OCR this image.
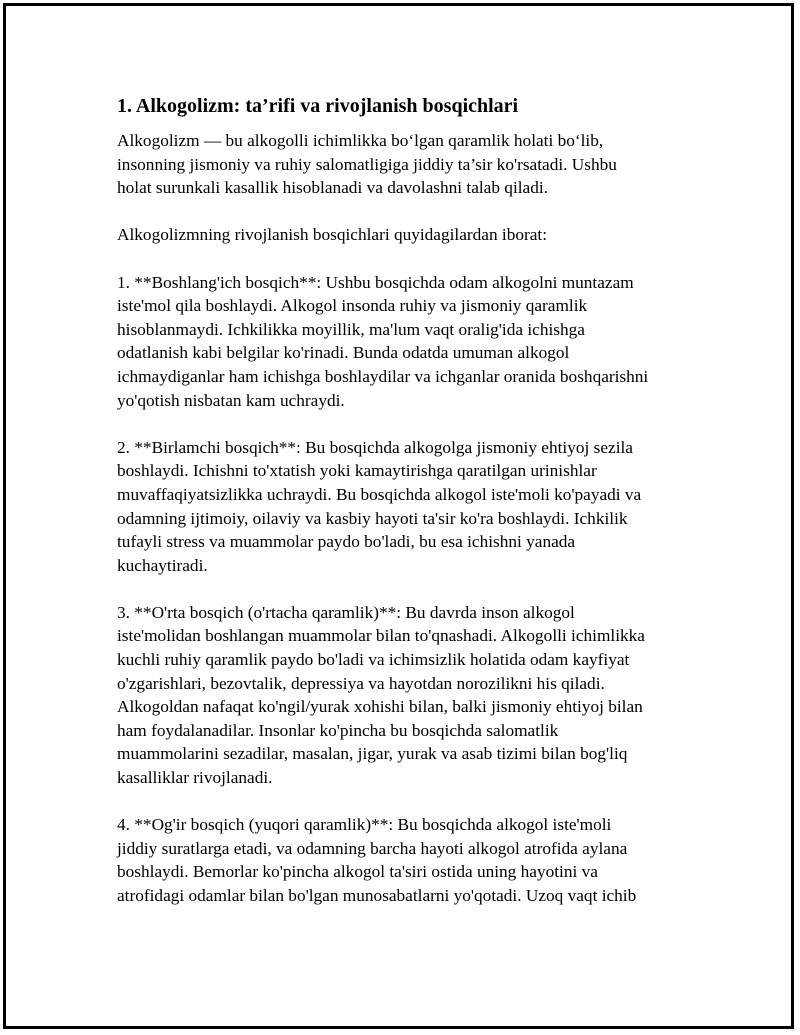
1. Alkogolizm: ta’rifi va rivojlanish bosqichlari

Alkogolizm — bu alkogolli ichimlikka bo‘lgan qaramlik holati bo‘lib,
insonning jismoniy va ruhiy salomatligiga jiddiy ta’sir ko'rsatadi. Ushbu
holat surunkali kasallik hisoblanadi va davolashni talab qiladi.

Alkogolizmning rivojlanish bosqichlari quyidagilardan iborat:

1. **Boshlang'ich bosqich**: Ushbu bosqichda odam alkogolni muntazam
iste'mol qila boshlaydi. Alkogol insonda ruhiy va jismoniy qaramlik
hisoblanmaydi. Ichkilikka moyillik, ma'lum vaqt oralig'ida ichishga
odatlanish kabi belgilar ko'rinadi. Bunda odatda umuman alkogol
ichmaydiganlar ham ichishga boshlaydilar va ichganlar oranida boshqarishni
yo'qotish nisbatan kam uchraydi.

2. **Birlamchi bosqich**: Bu bosqichda alkogolga jismoniy ehtiyoj sezila
boshlaydi. Ichishni to'xtatish yoki kamaytirishga qaratilgan urinishlar
muvaffaqiyatsizlikka uchraydi. Bu bosqichda alkogol iste'moli ko'payadi va
odamning ijtimoiy, oilaviy va kasbiy hayoti ta'sir ko'ra boshlaydi. Ichkilik
tufayli stress va muammolar paydo bo'ladi, bu esa ichishni yanada
kuchaytiradi.

3. **O'rta bosqich (o'rtacha qaramlik)**: Bu davrda inson alkogol
iste'molidan boshlangan muammolar bilan to'qnashadi. Alkogolli ichimlikka
kuchli ruhiy qaramlik paydo bo'ladi va ichimsizlik holatida odam kayfiyat
o'zgarishlari, bezovtalik, depressiya va hayotdan norozilikni his qiladi.
Alkogoldan nafaqat ko'ngil/yurak xohishi bilan, balki jismoniy ehtiyoj bilan
ham foydalanadilar. Insonlar ko'pincha bu bosqichda salomatlik
muammolarini sezadilar, masalan, jigar, yurak va asab tizimi bilan bog'liq
kasalliklar rivojlanadi.

4. **Og'ir bosqich (yuqori qaramlik)**: Bu bosqichda alkogol iste'moli
jiddiy suratlarga etadi, va odamning barcha hayoti alkogol atrofida aylana
boshlaydi. Bemorlar ko'pincha alkogol ta'siri ostida uning hayotini va
atrofidagi odamlar bilan bo'lgan munosabatlarni yo'qotadi. Uzoq vaqt ichib
